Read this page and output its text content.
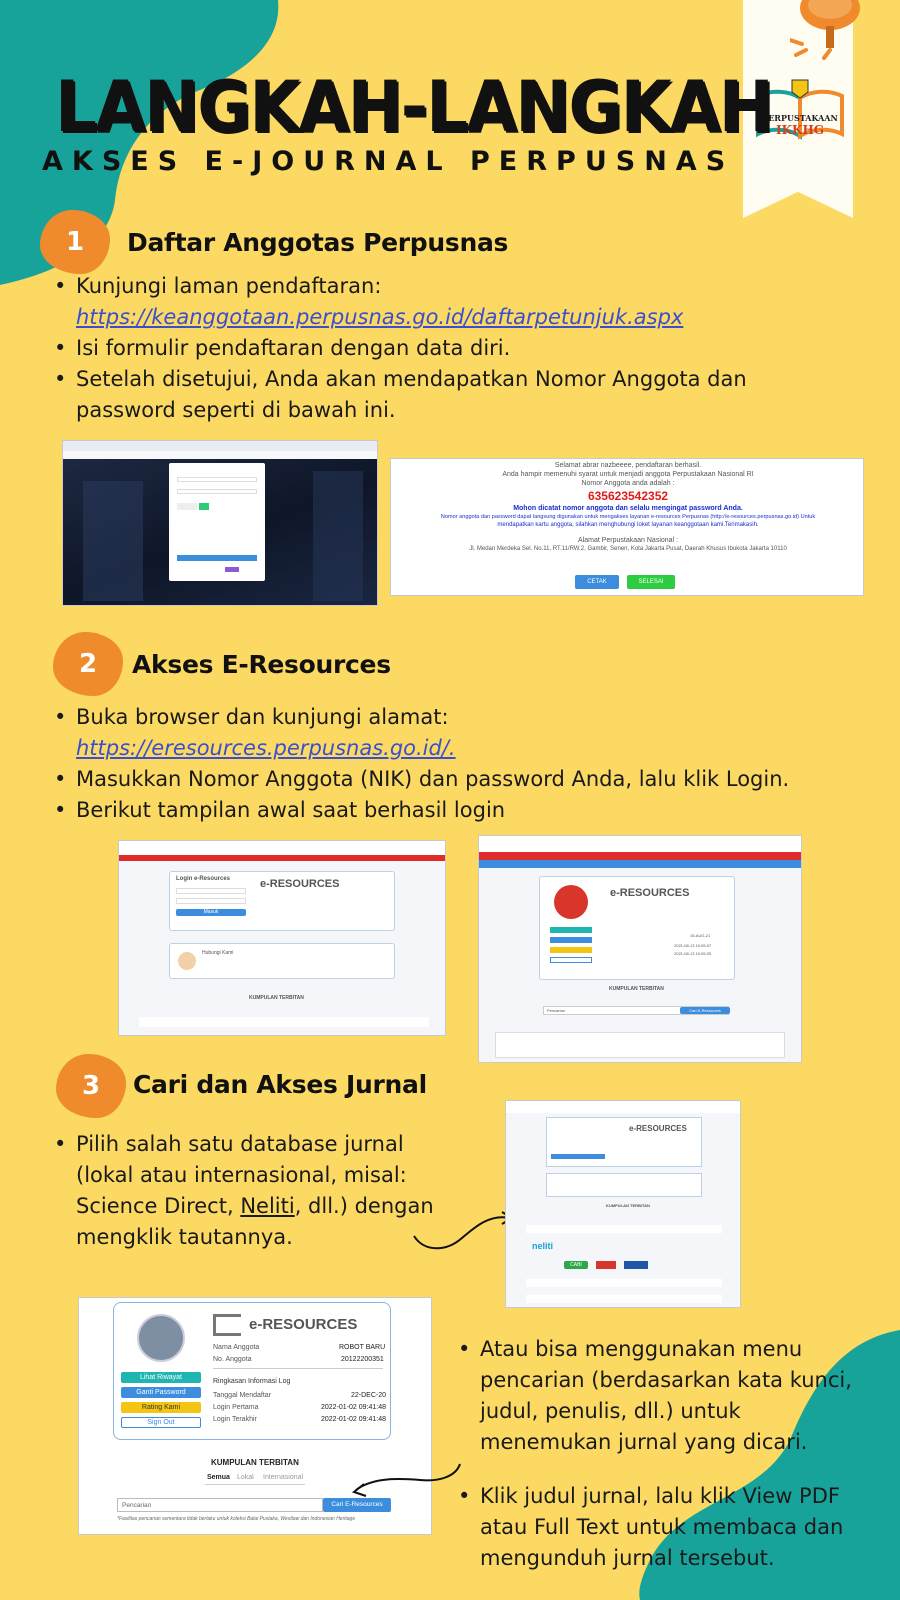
PERPUSTAKAAN
IKKHG
LANGKAH-LANGKAH
AKSES E-JOURNAL PERPUSNAS
1	Daftar Anggotas Perpusnas
• Kunjungi laman pendaftaran:
https://keanggotaan.perpusnas.go.id/daftarpetunjuk.aspx
• Isi formulir pendaftaran dengan data diri.
• Setelah disetujui, Anda akan mendapatkan Nomor Anggota dan
password seperti di bawah ini.
Selamat abrar nazbeeee, pendaftaran berhasil.
Anda hampir memenuhi syarat untuk menjadi anggota Perpustakaan Nasional RI
Nomor Anggota anda adalah :
635623542352
Mohon dicatat nomor anggota dan selalu mengingat password Anda.
Nomor anggota dan password dapat langsung digunakan untuk mengakses layanan e-resources Perpusnas (http://e-resources.perpusnas.go.id) Untuk
mendapatkan kartu anggota, silahkan menghubungi loket layanan keanggotaan kami.Terimakasih.
Alamat Perpustakaan Nasional :
Jl. Medan Merdeka Sel. No.11, RT.11/RW.2, Gambir, Senen, Kota Jakarta Pusat, Daerah Khusus Ibukota Jakarta 10110
CETAK	SELESAI
2	Akses E-Resources
• Buka browser dan kunjungi alamat:
https://eresources.perpusnas.go.id/.
• Masukkan Nomor Anggota (NIK) dan password Anda, lalu klik Login.
• Berikut tampilan awal saat berhasil login
Login e-Resources
Masuk
e-RESOURCES
Hubungi Kami
KUMPULAN TERBITAN
e-RESOURCES
15-AUG-21
2021-08-13 10:05:07
2021-08-13 10:05:25
KUMPULAN TERBITAN
Pencarian	Cari E-Resources
3	Cari dan Akses Jurnal
• Pilih salah satu database jurnal
(lokal atau internasional, misal:
Science Direct, Neliti, dll.) dengan
mengklik tautannya.
e-RESOURCES
KUMPULAN TERBITAN
neliti
CABI
Lihat Riwayat
Ganti Password
Rating Kami
Sign Out
e-RESOURCES
Nama Anggota	ROBOT BARU
No. Anggota	20122200351
Ringkasan Informasi Log
Tanggal Mendaftar	22-DEC-20
Login Pertama	2022-01-02 09:41:48
Login Terakhir	2022-01-02 09:41:48
KUMPULAN TERBITAN
Semua Lokal Internasional
Pencarian	Cari E-Resources
*Fasilitas pencarian sementara tidak berlaku untuk koleksi Balai Pustaka, Westlaw dan Indonesian Heritage
• Atau bisa menggunakan menu
pencarian (berdasarkan kata kunci,
judul, penulis, dll.) untuk
menemukan jurnal yang dicari.
• Klik judul jurnal, lalu klik View PDF
atau Full Text untuk membaca dan
mengunduh jurnal tersebut.
